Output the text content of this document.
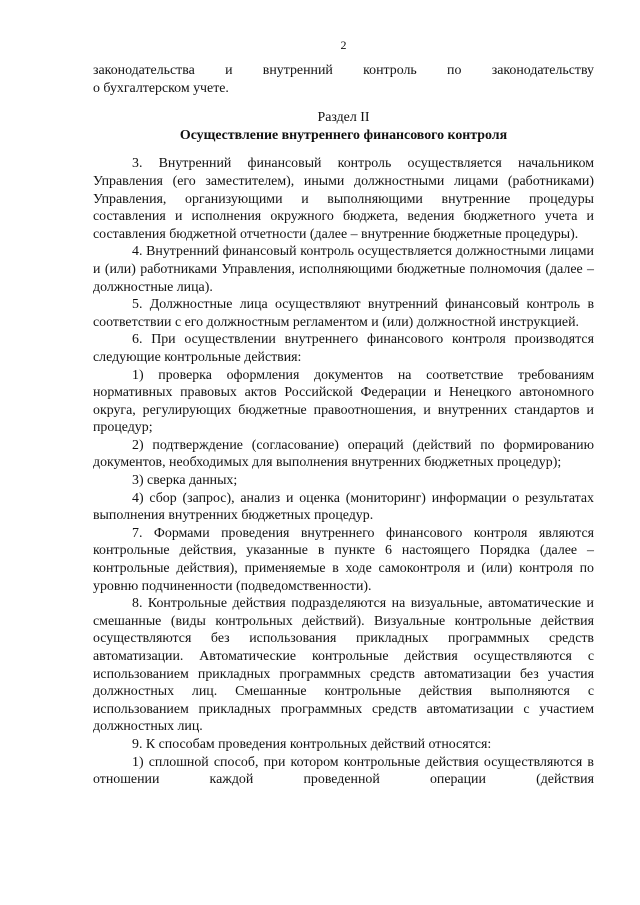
2

законодательства и внутренний контроль по законодательству

о бухгалтерском учете.

Раздел II

Осуществление внутреннего финансового контроля

3. Внутренний финансовый контроль осуществляется начальником Управления (его заместителем), иными должностными лицами (работниками) Управления, организующими и выполняющими внутренние процедуры составления и исполнения окружного бюджета, ведения бюджетного учета и составления бюджетной отчетности (далее – внутренние бюджетные процедуры).

4. Внутренний финансовый контроль осуществляется должностными лицами и (или) работниками Управления, исполняющими бюджетные полномочия (далее – должностные лица).

5. Должностные лица осуществляют внутренний финансовый контроль в соответствии с его должностным регламентом и (или) должностной инструкцией.

6. При осуществлении внутреннего финансового контроля производятся следующие контрольные действия:

1) проверка оформления документов на соответствие требованиям нормативных правовых актов Российской Федерации и Ненецкого автономного округа, регулирующих бюджетные правоотношения, и внутренних стандартов и процедур;

2) подтверждение (согласование) операций (действий по формированию документов, необходимых для выполнения внутренних бюджетных процедур);

3) сверка данных;

4) сбор (запрос), анализ и оценка (мониторинг) информации о результатах выполнения внутренних бюджетных процедур.

7. Формами проведения внутреннего финансового контроля являются контрольные действия, указанные в пункте 6 настоящего Порядка (далее – контрольные действия), применяемые в ходе самоконтроля и (или) контроля по уровню подчиненности (подведомственности).

8. Контрольные действия подразделяются на визуальные, автоматические и смешанные (виды контрольных действий). Визуальные контрольные действия осуществляются без использования прикладных программных средств автоматизации. Автоматические контрольные действия осуществляются с использованием прикладных программных средств автоматизации без участия должностных лиц. Смешанные контрольные действия выполняются с использованием прикладных программных средств автоматизации с участием должностных лиц.

9. К способам проведения контрольных действий относятся:

1) сплошной способ, при котором контрольные действия осуществляются в отношении каждой проведенной операции (действия
